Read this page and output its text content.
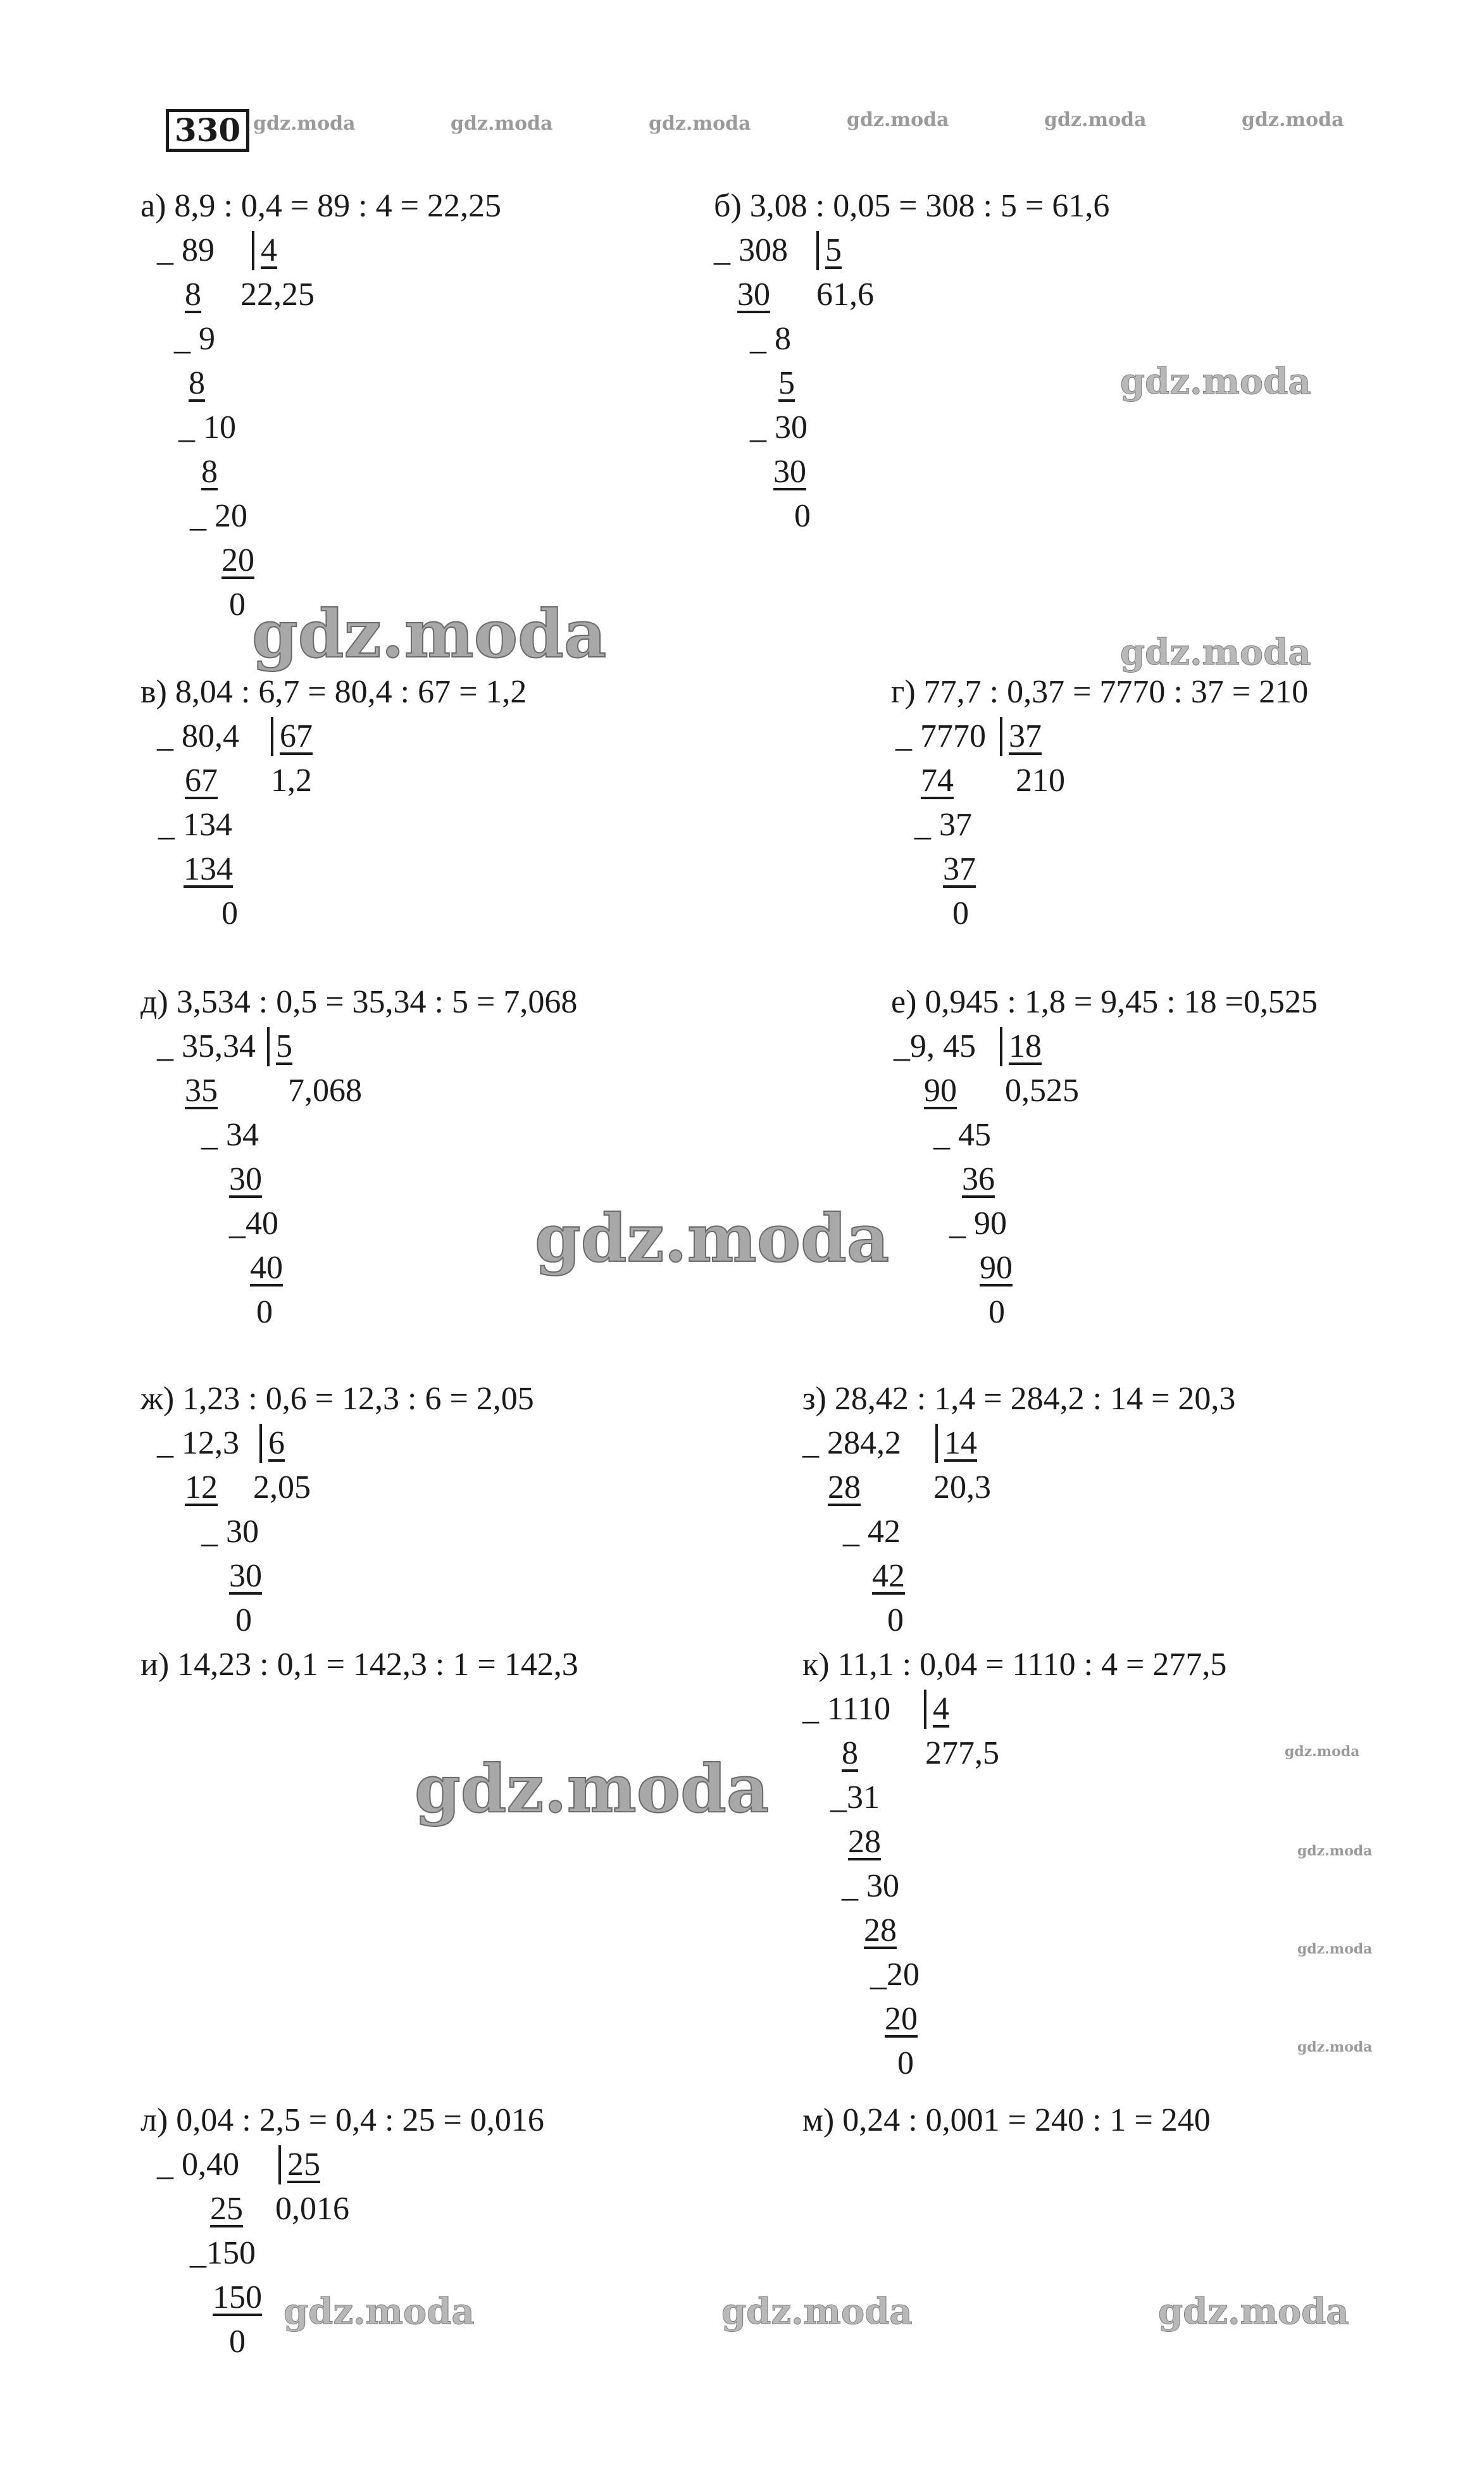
330 gdz.moda	gdz.moda	gdz.moda	gdz.moda	gdz.moda	gdz.moda
gdz.moda
gdz.moda	gdz.moda
gdz.moda
gdz.moda	gdz.moda
gdz.moda
gdz.moda
gdz.moda
gdz.moda	gdz.moda	gdz.moda
а) 8,9 : 0,4 = 89 : 4 = 22,25
_ 89 4
8 22,25
_ 9
8
_ 10
8
_ 20
20
0
б) 3,08 : 0,05 = 308 : 5 = 61,6
_ 308 5
30 61,6
_ 8
5
_ 30
30
0
в) 8,04 : 6,7 = 80,4 : 67 = 1,2
_ 80,4 67
67 1,2
_ 134
134
0
г) 77,7 : 0,37 = 7770 : 37 = 210
_ 7770 37
74 210
_ 37
37
0
д) 3,534 : 0,5 = 35,34 : 5 = 7,068
_ 35,34 5
35 7,068
_ 34
30
_40
40
0
е) 0,945 : 1,8 = 9,45 : 18 =0,525
_9, 45 18
90 0,525
_ 45
36
_ 90
90
0
ж) 1,23 : 0,6 = 12,3 : 6 = 2,05
_ 12,3 6
12 2,05
_ 30
30
0
з) 28,42 : 1,4 = 284,2 : 14 = 20,3
_ 284,2 14
28 20,3
_ 42
42
0
и) 14,23 : 0,1 = 142,3 : 1 = 142,3	к) 11,1 : 0,04 = 1110 : 4 = 277,5
_ 1110 4
8 277,5
_31
28
_ 30
28
_20
20
0
л) 0,04 : 2,5 = 0,4 : 25 = 0,016
_ 0,40 25
25 0,016
_150
150
0
м) 0,24 : 0,001 = 240 : 1 = 240
